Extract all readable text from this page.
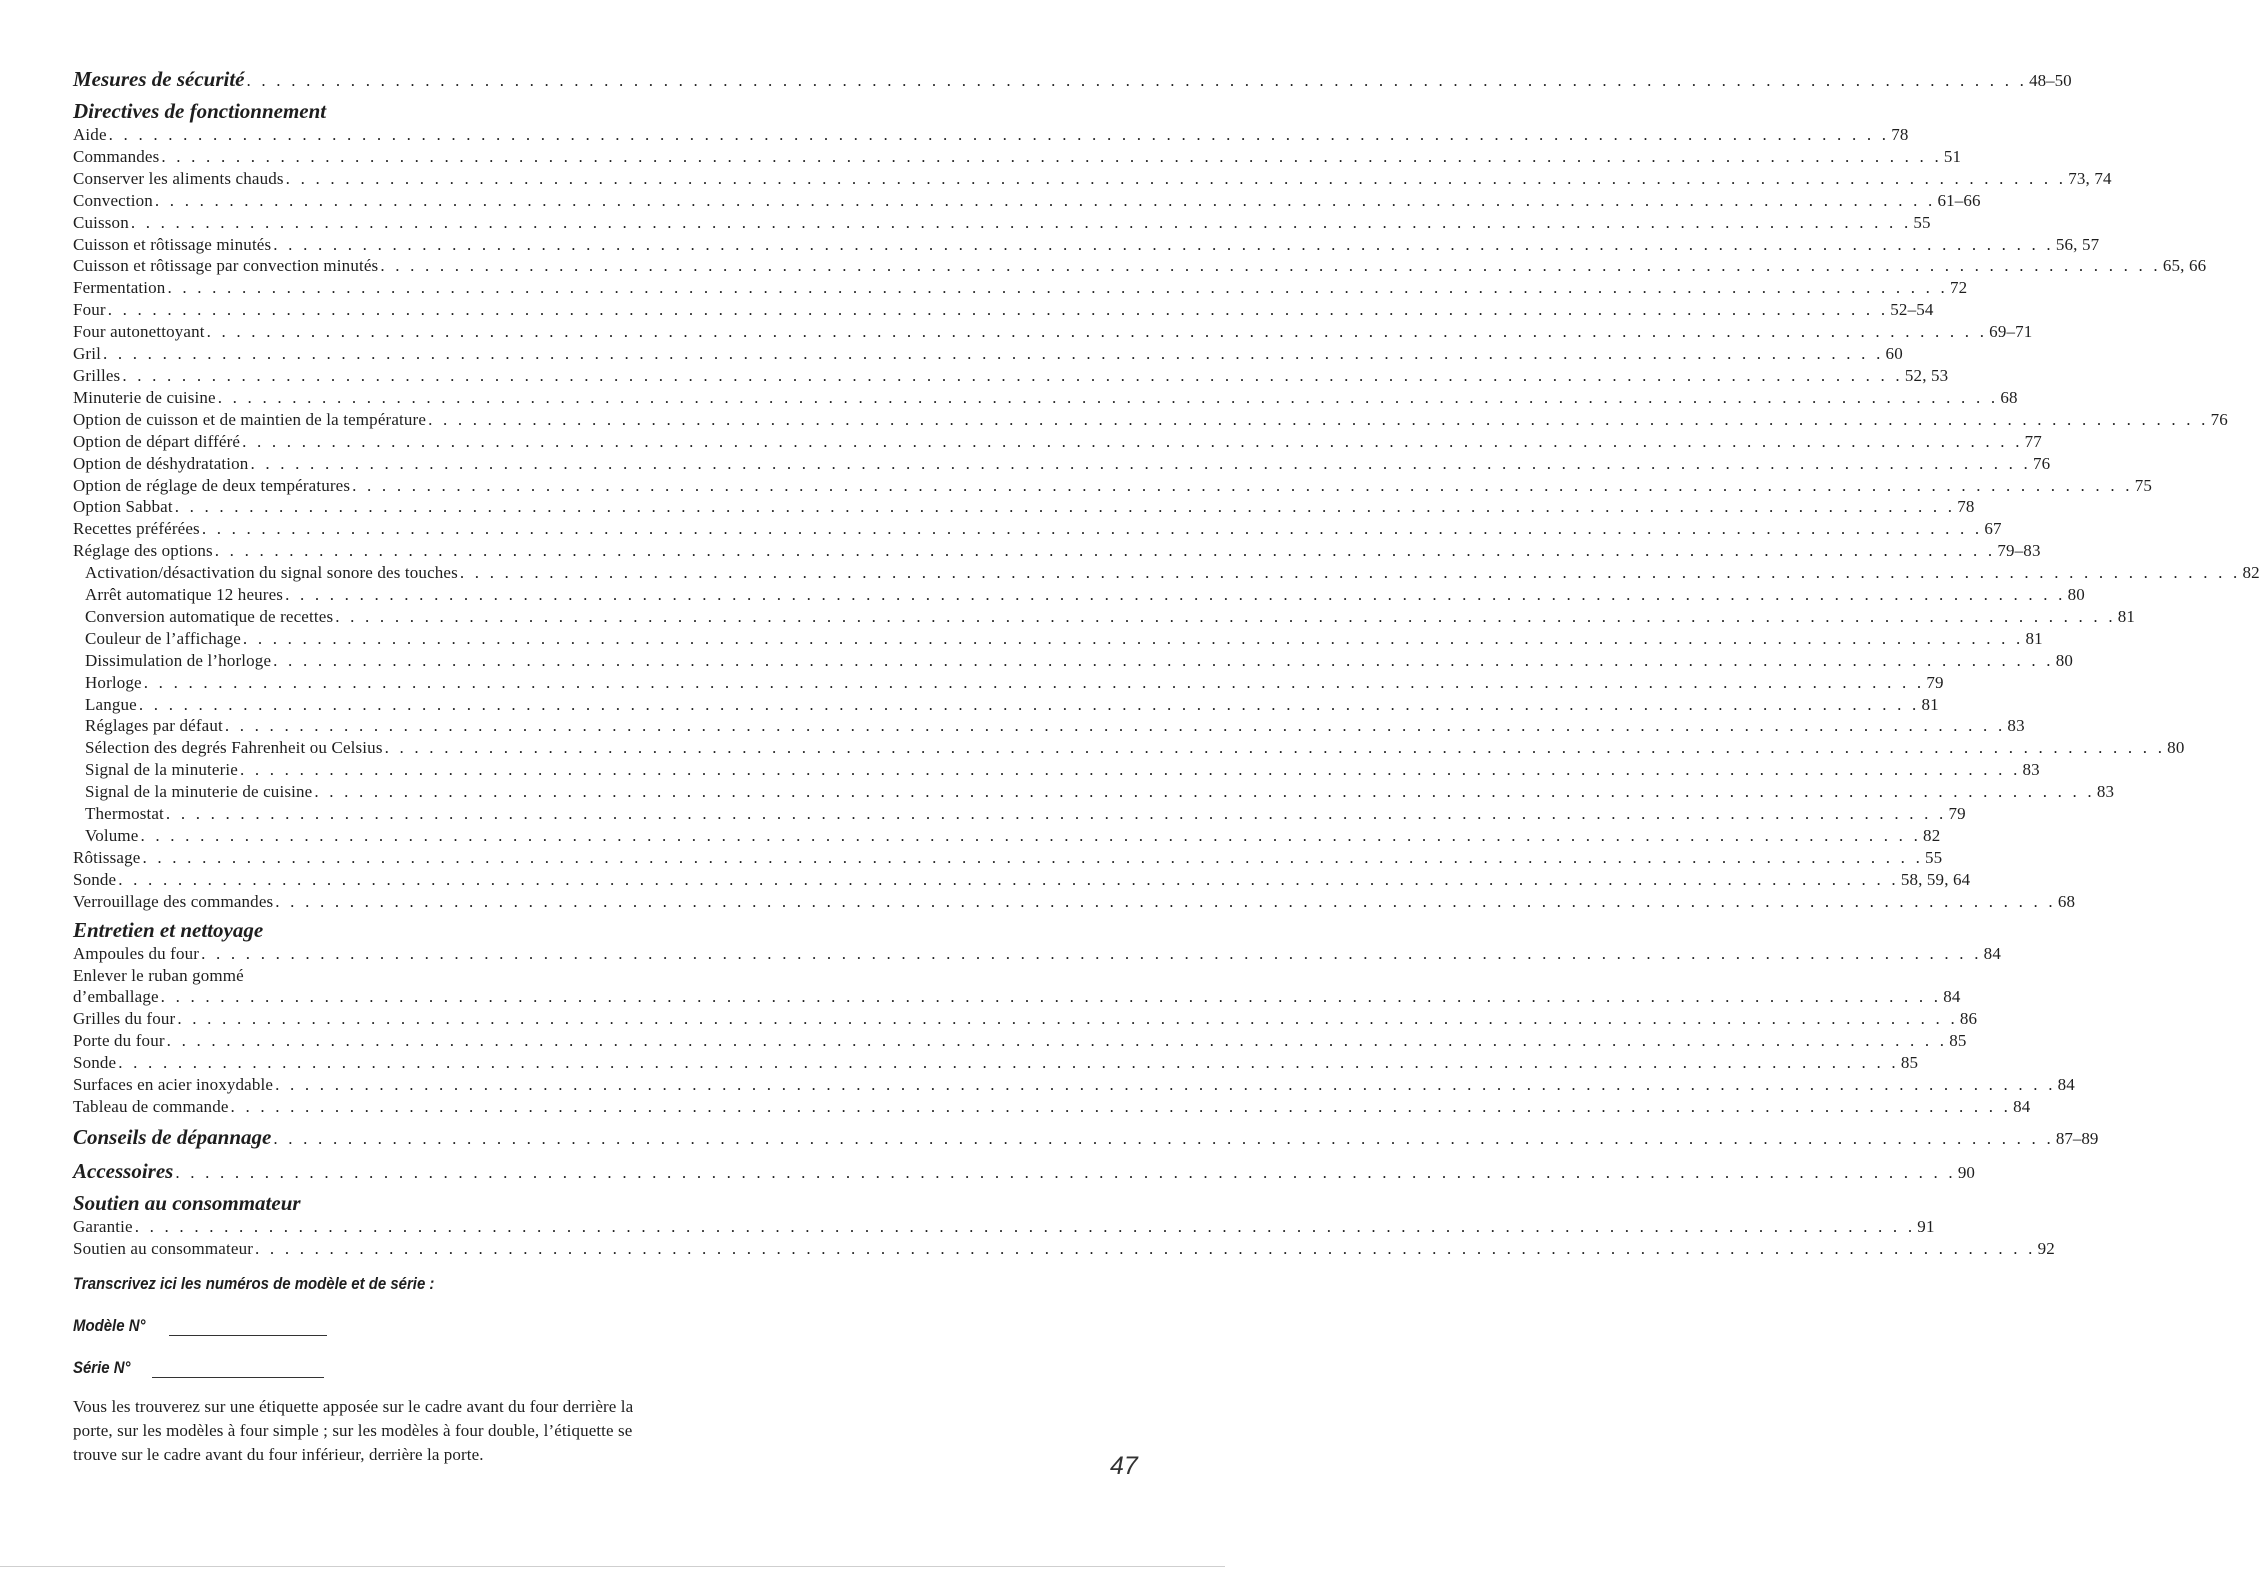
Mesures de sécurité . . . . . . . . . . . . . . . . . . . . . . . . . . . . . . . . . . . . . . . . . . . . . . . . . . . . . . . . . . . . . . . . . . . . . . . . . . . . . . . . . . . . . . . . . . . . . . . . . . . . . . . . . . . . . . . . . . . . . . . . 48–50
Directives de fonctionnement
Aide . . . . . . . . . . . . . . . . . . . . . . . . . . . . . . . . . . . . . . . . . . . . . . . . . . . . . . . . . . . . . . . . . . . . . . . . . . . . . . . . . . . . . . . . . . . . . . . . . . . . . . . . . . . . . . . . . . . . . . . . 78
Commandes . . . . . . . . . . . . . . . . . . . . . . . . . . . . . . . . . . . . . . . . . . . . . . . . . . . . . . . . . . . . . . . . . . . . . . . . . . . . . . . . . . . . . . . . . . . . . . . . . . . . . . . . . . . . . . . . . . . . . . . . 51
Conserver les aliments chauds . . . . . . . . . . . . . . . . . . . . . . . . . . . . . . . . . . . . . . . . . . . . . . . . . . . . . . . . . . . . . . . . . . . . . . . . . . . . . . . . . . . . . . . . . . . . . . . . . . . . . . . . . . . . . . . . . . . . . . . . 73, 74
Convection . . . . . . . . . . . . . . . . . . . . . . . . . . . . . . . . . . . . . . . . . . . . . . . . . . . . . . . . . . . . . . . . . . . . . . . . . . . . . . . . . . . . . . . . . . . . . . . . . . . . . . . . . . . . . . . . . . . . . . . . 61–66
Cuisson . . . . . . . . . . . . . . . . . . . . . . . . . . . . . . . . . . . . . . . . . . . . . . . . . . . . . . . . . . . . . . . . . . . . . . . . . . . . . . . . . . . . . . . . . . . . . . . . . . . . . . . . . . . . . . . . . . . . . . . . 55
Cuisson et rôtissage minutés . . . . . . . . . . . . . . . . . . . . . . . . . . . . . . . . . . . . . . . . . . . . . . . . . . . . . . . . . . . . . . . . . . . . . . . . . . . . . . . . . . . . . . . . . . . . . . . . . . . . . . . . . . . . . . . . . . . . . . . . 56, 57
Cuisson et rôtissage par convection minutés . . . . . . . . . . . . . . . . . . . . . . . . . . . . . . . . . . . . . . . . . . . . . . . . . . . . . . . . . . . . . . . . . . . . . . . . . . . . . . . . . . . . . . . . . . . . . . . . . . . . . . . . . . . . . . . . . . . . . . . . 65, 66
Fermentation . . . . . . . . . . . . . . . . . . . . . . . . . . . . . . . . . . . . . . . . . . . . . . . . . . . . . . . . . . . . . . . . . . . . . . . . . . . . . . . . . . . . . . . . . . . . . . . . . . . . . . . . . . . . . . . . . . . . . . . . 72
Four . . . . . . . . . . . . . . . . . . . . . . . . . . . . . . . . . . . . . . . . . . . . . . . . . . . . . . . . . . . . . . . . . . . . . . . . . . . . . . . . . . . . . . . . . . . . . . . . . . . . . . . . . . . . . . . . . . . . . . . . 52–54
Four autonettoyant . . . . . . . . . . . . . . . . . . . . . . . . . . . . . . . . . . . . . . . . . . . . . . . . . . . . . . . . . . . . . . . . . . . . . . . . . . . . . . . . . . . . . . . . . . . . . . . . . . . . . . . . . . . . . . . . . . . . . . . . 69–71
Gril . . . . . . . . . . . . . . . . . . . . . . . . . . . . . . . . . . . . . . . . . . . . . . . . . . . . . . . . . . . . . . . . . . . . . . . . . . . . . . . . . . . . . . . . . . . . . . . . . . . . . . . . . . . . . . . . . . . . . . . . 60
Grilles . . . . . . . . . . . . . . . . . . . . . . . . . . . . . . . . . . . . . . . . . . . . . . . . . . . . . . . . . . . . . . . . . . . . . . . . . . . . . . . . . . . . . . . . . . . . . . . . . . . . . . . . . . . . . . . . . . . . . . . . 52, 53
Minuterie de cuisine . . . . . . . . . . . . . . . . . . . . . . . . . . . . . . . . . . . . . . . . . . . . . . . . . . . . . . . . . . . . . . . . . . . . . . . . . . . . . . . . . . . . . . . . . . . . . . . . . . . . . . . . . . . . . . . . . . . . . . . . 68
Option de cuisson et de maintien de la température . . . . . . . . . . . . . . . . . . . . . . . . . . . . . . . . . . . . . . . . . . . . . . . . . . . . . . . . . . . . . . . . . . . . . . . . . . . . . . . . . . . . . . . . . . . . . . . . . . . . . . . . . . . . . . . . . . . . . . . . 76
Option de départ différé . . . . . . . . . . . . . . . . . . . . . . . . . . . . . . . . . . . . . . . . . . . . . . . . . . . . . . . . . . . . . . . . . . . . . . . . . . . . . . . . . . . . . . . . . . . . . . . . . . . . . . . . . . . . . . . . . . . . . . . . 77
Option de déshydratation . . . . . . . . . . . . . . . . . . . . . . . . . . . . . . . . . . . . . . . . . . . . . . . . . . . . . . . . . . . . . . . . . . . . . . . . . . . . . . . . . . . . . . . . . . . . . . . . . . . . . . . . . . . . . . . . . . . . . . . . 76
Option de réglage de deux températures . . . . . . . . . . . . . . . . . . . . . . . . . . . . . . . . . . . . . . . . . . . . . . . . . . . . . . . . . . . . . . . . . . . . . . . . . . . . . . . . . . . . . . . . . . . . . . . . . . . . . . . . . . . . . . . . . . . . . . . . 75
Option Sabbat . . . . . . . . . . . . . . . . . . . . . . . . . . . . . . . . . . . . . . . . . . . . . . . . . . . . . . . . . . . . . . . . . . . . . . . . . . . . . . . . . . . . . . . . . . . . . . . . . . . . . . . . . . . . . . . . . . . . . . . . 78
Recettes préférées . . . . . . . . . . . . . . . . . . . . . . . . . . . . . . . . . . . . . . . . . . . . . . . . . . . . . . . . . . . . . . . . . . . . . . . . . . . . . . . . . . . . . . . . . . . . . . . . . . . . . . . . . . . . . . . . . . . . . . . . 67
Réglage des options . . . . . . . . . . . . . . . . . . . . . . . . . . . . . . . . . . . . . . . . . . . . . . . . . . . . . . . . . . . . . . . . . . . . . . . . . . . . . . . . . . . . . . . . . . . . . . . . . . . . . . . . . . . . . . . . . . . . . . . . 79–83
Activation/désactivation du signal sonore des touches . . . . . . . . . . . . . . . . . . . . . . . . . . . . . . . . . . . . . . . . . . . . . . . . . . . . . . . . . . . . . . . . . . . . . . . . . . . . . . . . . . . . . . . . . . . . . . . . . . . . . . . . . . . . . . . . . . . . . . . . 82
Arrêt automatique 12 heures . . . . . . . . . . . . . . . . . . . . . . . . . . . . . . . . . . . . . . . . . . . . . . . . . . . . . . . . . . . . . . . . . . . . . . . . . . . . . . . . . . . . . . . . . . . . . . . . . . . . . . . . . . . . . . . . . . . . . . . . 80
Conversion automatique de recettes . . . . . . . . . . . . . . . . . . . . . . . . . . . . . . . . . . . . . . . . . . . . . . . . . . . . . . . . . . . . . . . . . . . . . . . . . . . . . . . . . . . . . . . . . . . . . . . . . . . . . . . . . . . . . . . . . . . . . . . . 81
Couleur de l’affichage . . . . . . . . . . . . . . . . . . . . . . . . . . . . . . . . . . . . . . . . . . . . . . . . . . . . . . . . . . . . . . . . . . . . . . . . . . . . . . . . . . . . . . . . . . . . . . . . . . . . . . . . . . . . . . . . . . . . . . . . 81
Dissimulation de l’horloge . . . . . . . . . . . . . . . . . . . . . . . . . . . . . . . . . . . . . . . . . . . . . . . . . . . . . . . . . . . . . . . . . . . . . . . . . . . . . . . . . . . . . . . . . . . . . . . . . . . . . . . . . . . . . . . . . . . . . . . . 80
Horloge . . . . . . . . . . . . . . . . . . . . . . . . . . . . . . . . . . . . . . . . . . . . . . . . . . . . . . . . . . . . . . . . . . . . . . . . . . . . . . . . . . . . . . . . . . . . . . . . . . . . . . . . . . . . . . . . . . . . . . . . 79
Langue . . . . . . . . . . . . . . . . . . . . . . . . . . . . . . . . . . . . . . . . . . . . . . . . . . . . . . . . . . . . . . . . . . . . . . . . . . . . . . . . . . . . . . . . . . . . . . . . . . . . . . . . . . . . . . . . . . . . . . . . 81
Réglages par défaut . . . . . . . . . . . . . . . . . . . . . . . . . . . . . . . . . . . . . . . . . . . . . . . . . . . . . . . . . . . . . . . . . . . . . . . . . . . . . . . . . . . . . . . . . . . . . . . . . . . . . . . . . . . . . . . . . . . . . . . . 83
Sélection des degrés Fahrenheit ou Celsius . . . . . . . . . . . . . . . . . . . . . . . . . . . . . . . . . . . . . . . . . . . . . . . . . . . . . . . . . . . . . . . . . . . . . . . . . . . . . . . . . . . . . . . . . . . . . . . . . . . . . . . . . . . . . . . . . . . . . . . . 80
Signal de la minuterie . . . . . . . . . . . . . . . . . . . . . . . . . . . . . . . . . . . . . . . . . . . . . . . . . . . . . . . . . . . . . . . . . . . . . . . . . . . . . . . . . . . . . . . . . . . . . . . . . . . . . . . . . . . . . . . . . . . . . . . . 83
Signal de la minuterie de cuisine . . . . . . . . . . . . . . . . . . . . . . . . . . . . . . . . . . . . . . . . . . . . . . . . . . . . . . . . . . . . . . . . . . . . . . . . . . . . . . . . . . . . . . . . . . . . . . . . . . . . . . . . . . . . . . . . . . . . . . . . 83
Thermostat . . . . . . . . . . . . . . . . . . . . . . . . . . . . . . . . . . . . . . . . . . . . . . . . . . . . . . . . . . . . . . . . . . . . . . . . . . . . . . . . . . . . . . . . . . . . . . . . . . . . . . . . . . . . . . . . . . . . . . . . 79
Volume . . . . . . . . . . . . . . . . . . . . . . . . . . . . . . . . . . . . . . . . . . . . . . . . . . . . . . . . . . . . . . . . . . . . . . . . . . . . . . . . . . . . . . . . . . . . . . . . . . . . . . . . . . . . . . . . . . . . . . . . 82
Rôtissage . . . . . . . . . . . . . . . . . . . . . . . . . . . . . . . . . . . . . . . . . . . . . . . . . . . . . . . . . . . . . . . . . . . . . . . . . . . . . . . . . . . . . . . . . . . . . . . . . . . . . . . . . . . . . . . . . . . . . . . . 55
Sonde . . . . . . . . . . . . . . . . . . . . . . . . . . . . . . . . . . . . . . . . . . . . . . . . . . . . . . . . . . . . . . . . . . . . . . . . . . . . . . . . . . . . . . . . . . . . . . . . . . . . . . . . . . . . . . . . . . . . . . . . 58, 59, 64
Verrouillage des commandes . . . . . . . . . . . . . . . . . . . . . . . . . . . . . . . . . . . . . . . . . . . . . . . . . . . . . . . . . . . . . . . . . . . . . . . . . . . . . . . . . . . . . . . . . . . . . . . . . . . . . . . . . . . . . . . . . . . . . . . . 68
Entretien et nettoyage
Ampoules du four . . . . . . . . . . . . . . . . . . . . . . . . . . . . . . . . . . . . . . . . . . . . . . . . . . . . . . . . . . . . . . . . . . . . . . . . . . . . . . . . . . . . . . . . . . . . . . . . . . . . . . . . . . . . . . . . . . . . . . . . 84
Enlever le ruban gommé
d’emballage . . . . . . . . . . . . . . . . . . . . . . . . . . . . . . . . . . . . . . . . . . . . . . . . . . . . . . . . . . . . . . . . . . . . . . . . . . . . . . . . . . . . . . . . . . . . . . . . . . . . . . . . . . . . . . . . . . . . . . . . 84
Grilles du four . . . . . . . . . . . . . . . . . . . . . . . . . . . . . . . . . . . . . . . . . . . . . . . . . . . . . . . . . . . . . . . . . . . . . . . . . . . . . . . . . . . . . . . . . . . . . . . . . . . . . . . . . . . . . . . . . . . . . . . . 86
Porte du four . . . . . . . . . . . . . . . . . . . . . . . . . . . . . . . . . . . . . . . . . . . . . . . . . . . . . . . . . . . . . . . . . . . . . . . . . . . . . . . . . . . . . . . . . . . . . . . . . . . . . . . . . . . . . . . . . . . . . . . . 85
Sonde . . . . . . . . . . . . . . . . . . . . . . . . . . . . . . . . . . . . . . . . . . . . . . . . . . . . . . . . . . . . . . . . . . . . . . . . . . . . . . . . . . . . . . . . . . . . . . . . . . . . . . . . . . . . . . . . . . . . . . . . 85
Surfaces en acier inoxydable . . . . . . . . . . . . . . . . . . . . . . . . . . . . . . . . . . . . . . . . . . . . . . . . . . . . . . . . . . . . . . . . . . . . . . . . . . . . . . . . . . . . . . . . . . . . . . . . . . . . . . . . . . . . . . . . . . . . . . . . 84
Tableau de commande . . . . . . . . . . . . . . . . . . . . . . . . . . . . . . . . . . . . . . . . . . . . . . . . . . . . . . . . . . . . . . . . . . . . . . . . . . . . . . . . . . . . . . . . . . . . . . . . . . . . . . . . . . . . . . . . . . . . . . . . 84
Conseils de dépannage . . . . . . . . . . . . . . . . . . . . . . . . . . . . . . . . . . . . . . . . . . . . . . . . . . . . . . . . . . . . . . . . . . . . . . . . . . . . . . . . . . . . . . . . . . . . . . . . . . . . . . . . . . . . . . . . . . . . . . . . 87–89
Accessoires . . . . . . . . . . . . . . . . . . . . . . . . . . . . . . . . . . . . . . . . . . . . . . . . . . . . . . . . . . . . . . . . . . . . . . . . . . . . . . . . . . . . . . . . . . . . . . . . . . . . . . . . . . . . . . . . . . . . . . . . 90
Soutien au consommateur
Garantie . . . . . . . . . . . . . . . . . . . . . . . . . . . . . . . . . . . . . . . . . . . . . . . . . . . . . . . . . . . . . . . . . . . . . . . . . . . . . . . . . . . . . . . . . . . . . . . . . . . . . . . . . . . . . . . . . . . . . . . . 91
Soutien au consommateur . . . . . . . . . . . . . . . . . . . . . . . . . . . . . . . . . . . . . . . . . . . . . . . . . . . . . . . . . . . . . . . . . . . . . . . . . . . . . . . . . . . . . . . . . . . . . . . . . . . . . . . . . . . . . . . . . . . . . . . . 92
Transcrivez ici les numéros de modèle et de série :
Modèle N°
Série N°
Vous les trouverez sur une étiquette apposée sur le cadre avant du four derrière la porte, sur les modèles à four simple ; sur les modèles à four double, l’étiquette se trouve sur le cadre avant du four inférieur, derrière la porte.	47
